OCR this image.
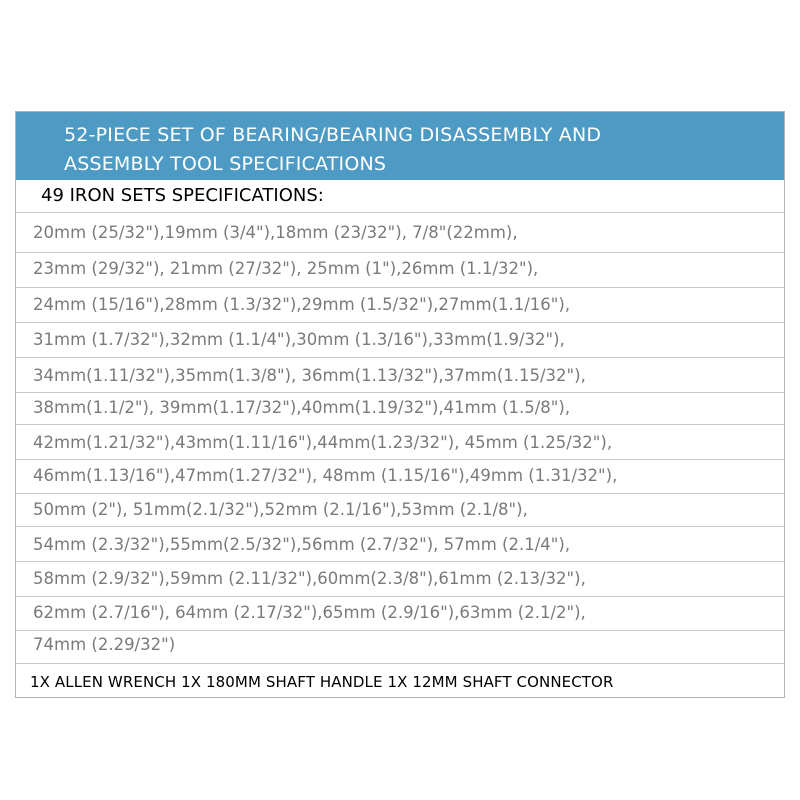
52-PIECE SET OF BEARING/BEARING DISASSEMBLY AND
ASSEMBLY TOOL SPECIFICATIONS
49 IRON SETS SPECIFICATIONS:
20mm (25/32"),19mm (3/4"),18mm (23/32"), 7/8"(22mm),
23mm (29/32"), 21mm (27/32"), 25mm (1"),26mm (1.1/32"),
24mm (15/16"),28mm (1.3/32"),29mm (1.5/32"),27mm(1.1/16"),
31mm (1.7/32"),32mm (1.1/4"),30mm (1.3/16"),33mm(1.9/32"),
34mm(1.11/32"),35mm(1.3/8"), 36mm(1.13/32"),37mm(1.15/32"),
38mm(1.1/2"), 39mm(1.17/32"),40mm(1.19/32"),41mm (1.5/8"),
42mm(1.21/32"),43mm(1.11/16"),44mm(1.23/32"), 45mm (1.25/32"),
46mm(1.13/16"),47mm(1.27/32"), 48mm (1.15/16"),49mm (1.31/32"),
50mm (2"), 51mm(2.1/32"),52mm (2.1/16"),53mm (2.1/8"),
54mm (2.3/32"),55mm(2.5/32"),56mm (2.7/32"), 57mm (2.1/4"),
58mm (2.9/32"),59mm (2.11/32"),60mm(2.3/8"),61mm (2.13/32"),
62mm (2.7/16"), 64mm (2.17/32"),65mm (2.9/16"),63mm (2.1/2"),
74mm (2.29/32")
1X ALLEN WRENCH 1X 180MM SHAFT HANDLE 1X 12MM SHAFT CONNECTOR
